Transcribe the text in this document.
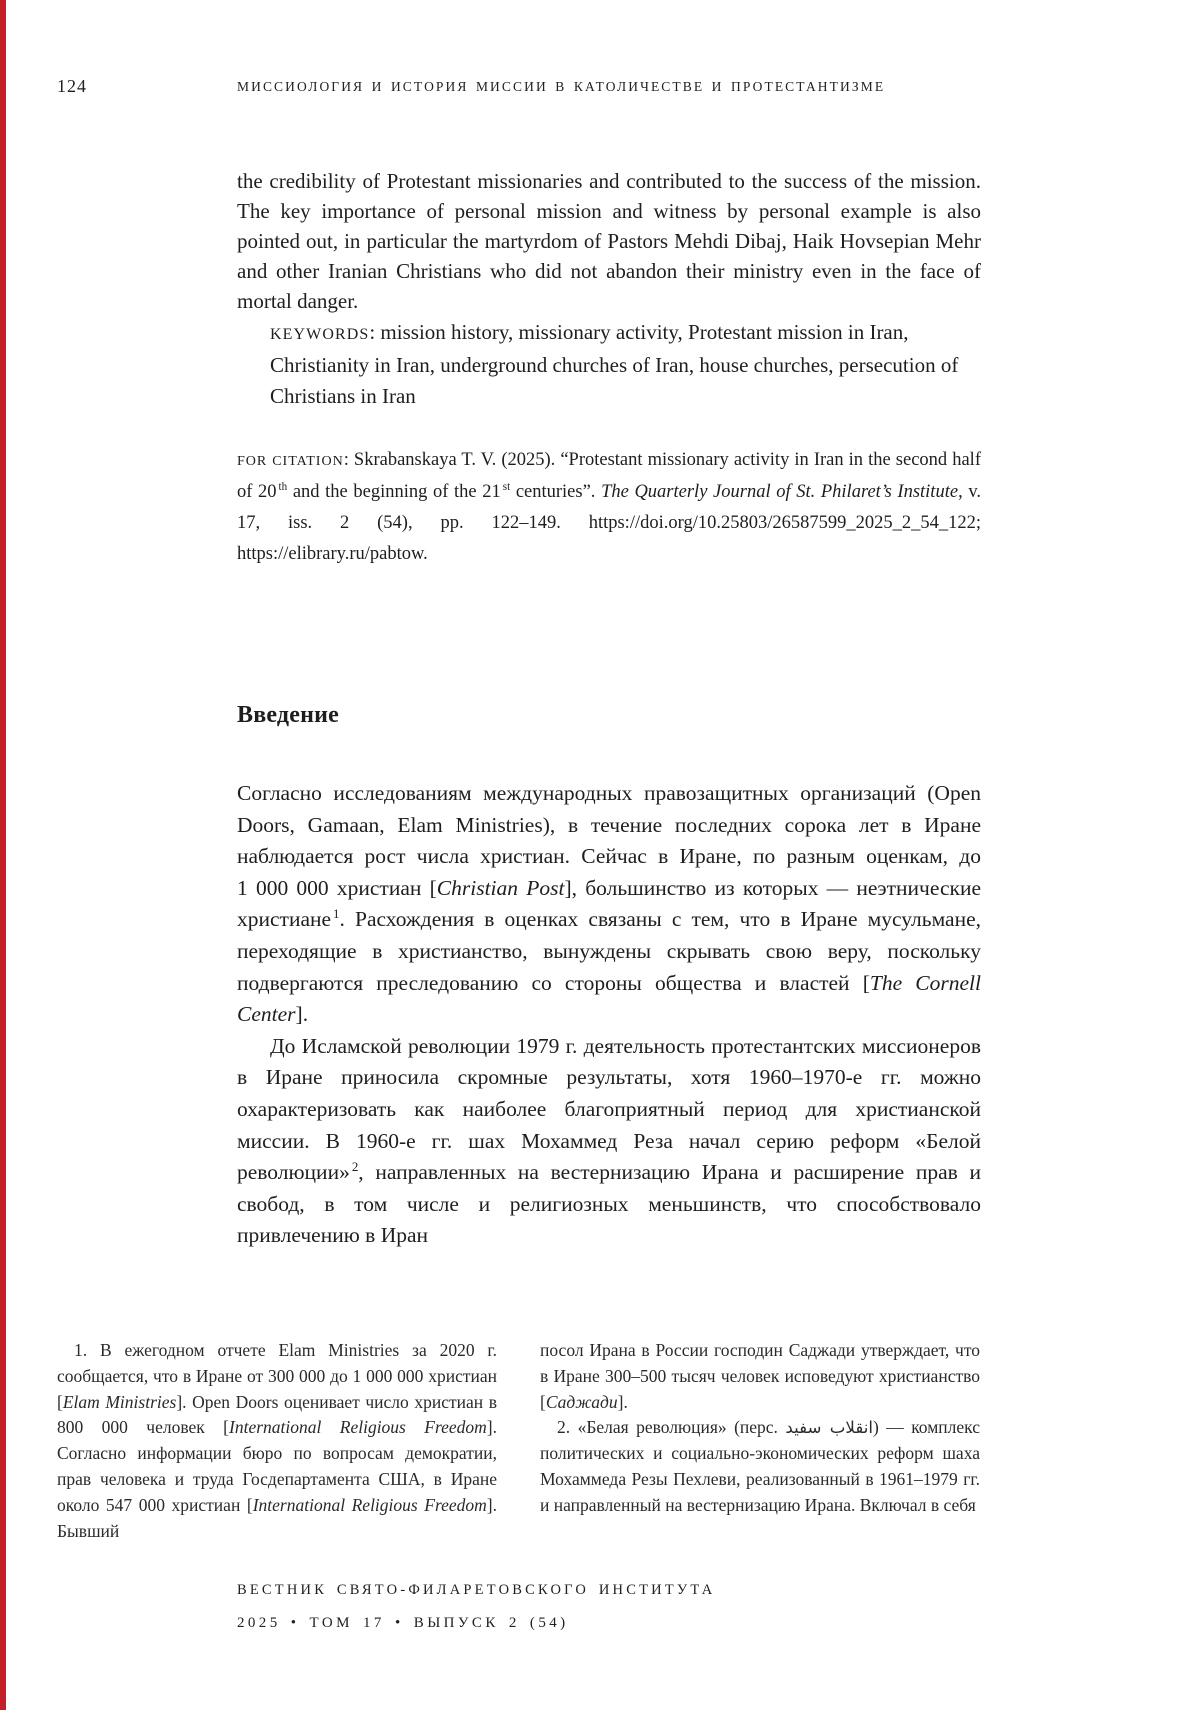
124	МИССИОЛОГИЯ И ИСТОРИЯ МИССИИ В КАТОЛИЧЕСТВЕ И ПРОТЕСТАНТИЗМЕ

the credibility of Protestant missionaries and contributed to the success of the mission. The key importance of personal mission and witness by personal example is also pointed out, in particular the martyrdom of Pastors Mehdi Dibaj, Haik Hovsepian Mehr and other Iranian Christians who did not abandon their ministry even in the face of mortal danger.

KEYWORDS: mission history, missionary activity, Protestant mission in Iran, Christianity in Iran, underground churches of Iran, house churches, persecution of Christians in Iran

FOR CITATION: Skrabanskaya T. V. (2025). “Protestant missionary activity in Iran in the second half of 20 $^{th}$ and the beginning of the 21 $^{st}$ centuries”. The Quarterly Journal of St. Philaret’s Institute, v. 17, iss. 2 (54), pp. 122–149. https://doi.org/10.25803/26587599_2025_2_54_122; https://elibrary.ru/pabtow.

Введение

Согласно исследованиям международных правозащитных организаций (Open Doors, Gamaan, Elam Ministries), в течение последних сорока лет в Иране наблюдается рост числа христиан. Сейчас в Иране, по разным оценкам, до 1 000 000 христиан [Christian Post], большинство из которых — неэтнические христиане $^1$. Расхождения в оценках связаны с тем, что в Иране мусульмане, переходящие в христианство, вынуждены скрывать свою веру, поскольку подвергаются преследованию со стороны общества и властей [The Cornell Center].

До Исламской революции 1979 г. деятельность протестантских миссионеров в Иране приносила скромные результаты, хотя 1960–1970-е гг. можно охарактеризовать как наиболее благоприятный период для христианской миссии. В 1960-е гг. шах Мохаммед Реза начал серию реформ «Белой революции» $^2$, направленных на вестернизацию Ирана и расширение прав и свобод, в том числе и религиозных меньшинств, что способствовало привлечению в Иран

1. В ежегодном отчете Elam Ministries за 2020 г. сообщается, что в Иране от 300 000 до 1 000 000 христиан [Elam Ministries]. Open Doors оценивает число христиан в 800 000 человек [International Religious Freedom]. Согласно информации бюро по вопросам демократии, прав человека и труда Госдепартамента США, в Иране около 547 000 христиан [International Religious Freedom]. Бывший

посол Ирана в России господин Саджади утверждает, что в Иране 300–500 тысяч человек исповедуют христианство [Саджади].

2. «Белая революция» (перс. انقلاب سفید) — комплекс политических и социально-экономических реформ шаха Мохаммеда Резы Пехлеви, реализованный в 1961–1979 гг. и направленный на вестернизацию Ирана. Включал в себя

ВЕСТНИК СВЯТО-ФИЛАРЕТОВСКОГО ИНСТИТУТА
2025 • ТОМ 17 • ВЫПУСК 2 (54)
